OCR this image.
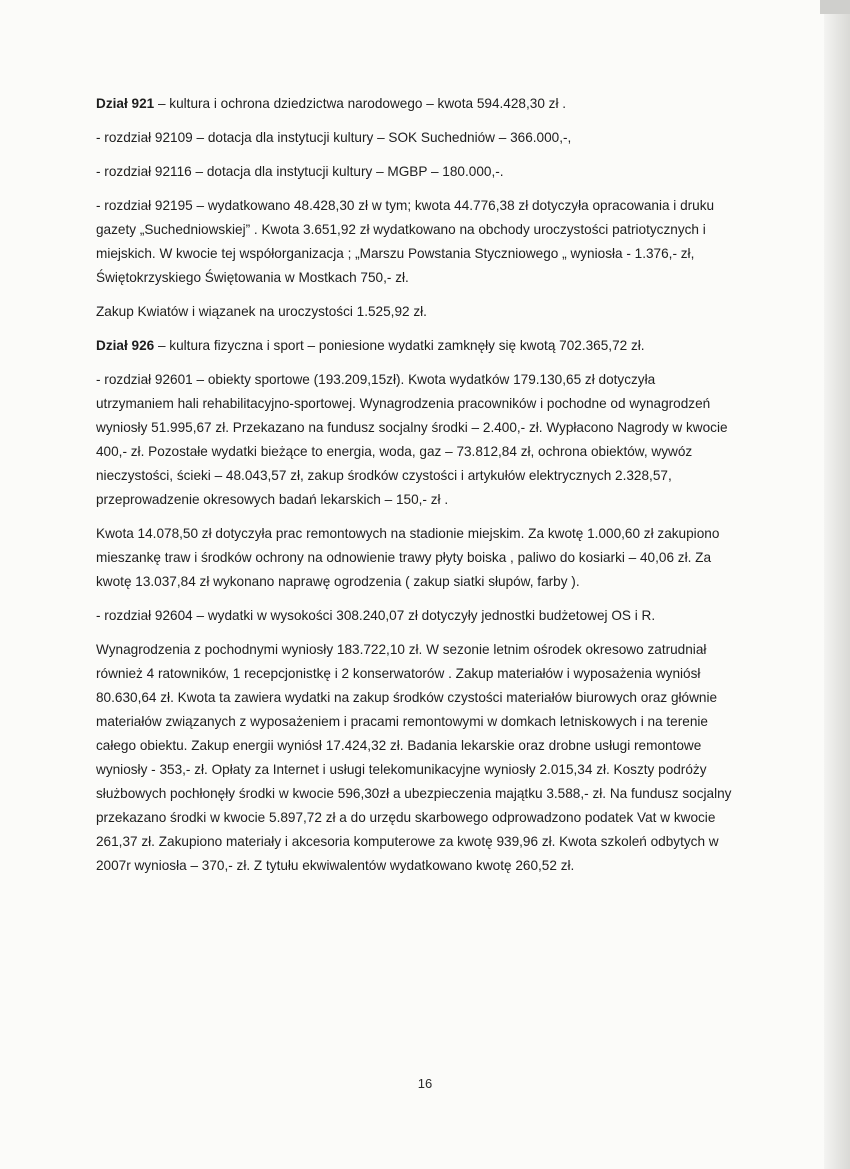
Dział 921 – kultura i ochrona dziedzictwa narodowego – kwota 594.428,30 zł .

- rozdział 92109 – dotacja dla instytucji kultury – SOK Suchedniów – 366.000,-,

- rozdział 92116 – dotacja dla instytucji kultury – MGBP – 180.000,-.

- rozdział 92195 – wydatkowano 48.428,30 zł w tym; kwota 44.776,38 zł dotyczyła opracowania i druku gazety „Suchedniowskiej” . Kwota 3.651,92 zł wydatkowano na obchody uroczystości patriotycznych i miejskich. W kwocie tej współorganizacja ; „Marszu Powstania Styczniowego „ wyniosła - 1.376,- zł, Świętokrzyskiego Świętowania w Mostkach 750,- zł.

Zakup Kwiatów i wiązanek na uroczystości 1.525,92 zł.

Dział 926 – kultura fizyczna i sport – poniesione wydatki zamknęły się kwotą 702.365,72 zł.

- rozdział 92601 – obiekty sportowe (193.209,15zł). Kwota wydatków 179.130,65 zł dotyczyła utrzymaniem hali rehabilitacyjno-sportowej. Wynagrodzenia pracowników i pochodne od wynagrodzeń wyniosły 51.995,67 zł. Przekazano na fundusz socjalny środki – 2.400,- zł. Wypłacono Nagrody w kwocie 400,- zł. Pozostałe wydatki bieżące to energia, woda, gaz – 73.812,84 zł, ochrona obiektów, wywóz nieczystości, ścieki – 48.043,57 zł, zakup środków czystości i artykułów elektrycznych 2.328,57, przeprowadzenie okresowych badań lekarskich – 150,- zł .

Kwota 14.078,50 zł dotyczyła prac remontowych na stadionie miejskim. Za kwotę 1.000,60 zł zakupiono mieszankę traw i środków ochrony na odnowienie trawy płyty boiska , paliwo do kosiarki – 40,06 zł. Za kwotę 13.037,84 zł wykonano naprawę ogrodzenia ( zakup siatki słupów, farby ).

- rozdział 92604 – wydatki w wysokości 308.240,07 zł dotyczyły jednostki budżetowej OS i R.

Wynagrodzenia z pochodnymi wyniosły 183.722,10 zł. W sezonie letnim ośrodek okresowo zatrudniał również 4 ratowników, 1 recepcjonistkę i 2 konserwatorów . Zakup materiałów i wyposażenia wyniósł 80.630,64 zł. Kwota ta zawiera wydatki na zakup środków czystości materiałów biurowych oraz głównie materiałów związanych z wyposażeniem i pracami remontowymi w domkach letniskowych i na terenie całego obiektu. Zakup energii wyniósł 17.424,32 zł. Badania lekarskie oraz drobne usługi remontowe wyniosły - 353,- zł. Opłaty za Internet i usługi telekomunikacyjne wyniosły 2.015,34 zł. Koszty podróży służbowych pochłonęły środki w kwocie 596,30zł a ubezpieczenia majątku 3.588,- zł. Na fundusz socjalny przekazano środki w kwocie 5.897,72 zł a do urzędu skarbowego odprowadzono podatek Vat w kwocie 261,37 zł. Zakupiono materiały i akcesoria komputerowe za kwotę 939,96 zł. Kwota szkoleń odbytych w 2007r wyniosła – 370,- zł. Z tytułu ekwiwalentów wydatkowano kwotę 260,52 zł.

16
